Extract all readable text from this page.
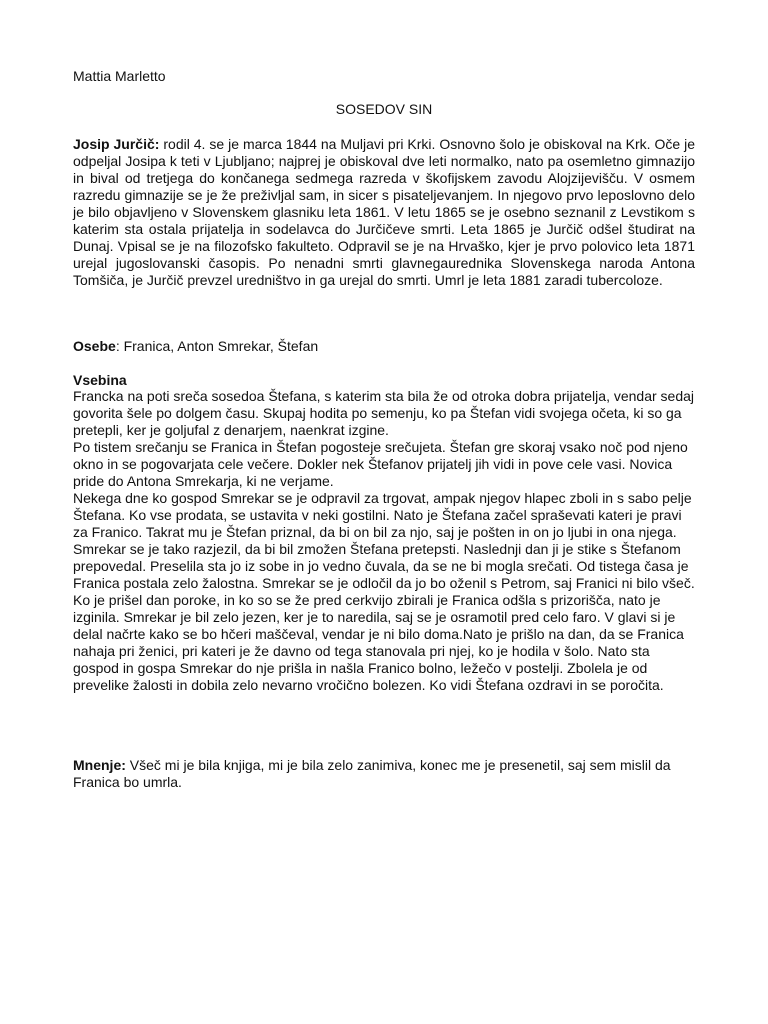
Mattia Marletto
SOSEDOV SIN
Josip Jurčič: rodil 4. se je marca 1844 na Muljavi pri Krki. Osnovno šolo je obiskoval na Krk. Oče je odpeljal Josipa k teti v Ljubljano; najprej je obiskoval dve leti normalko, nato pa osemletno gimnazijo in bival od tretjega do končanega sedmega razreda v škofijskem zavodu Alojzijevišču. V osmem razredu gimnazije se je že preživljal sam, in sicer s pisateljevanjem. In njegovo prvo leposlovno delo je bilo objavljeno v Slovenskem glasniku leta 1861. V letu 1865 se je osebno seznanil z Levstikom s katerim sta ostala prijatelja in sodelavca do Jurčičeve smrti. Leta 1865 je Jurčič odšel študirat na Dunaj. Vpisal se je na filozofsko fakulteto. Odpravil se je na Hrvaško, kjer je prvo polovico leta 1871 urejal jugoslovanski časopis. Po nenadni smrti glavnegaurednika Slovenskega naroda Antona Tomšiča, je Jurčič prevzel uredništvo in ga urejal do smrti. Umrl je leta 1881 zaradi tubercoloze.
Osebe: Franica, Anton Smrekar, Štefan
Vsebina

Francka na poti sreča sosedoa Štefana, s katerim sta bila že od otroka dobra prijatelja, vendar sedaj govorita šele po dolgem času. Skupaj hodita po semenju, ko pa Štefan vidi svojega očeta, ki so ga pretepli, ker je goljufal z denarjem, naenkrat izgine.

Po tistem srečanju se Franica in Štefan pogostejе srečujeta. Štefan gre skoraj vsako noč pod njeno okno in se pogovarjata cele večere. Dokler nek Štefanov prijatelj jih vidi in pove cele vasi. Novica pride do Antona Smrekarja, ki ne verjame.

Nekega dne ko gospod Smrekar se je odpravil za trgovat, ampak njegov hlapec zboli in s sabo pelje Štefana. Ko vse prodata, se ustavita v neki gostilni. Nato je Štefana začel spraševati kateri je pravi za Franico. Takrat mu je Štefan priznal, da bi on bil za njo, saj je pošten in on jo ljubi in ona njega. Smrekar se je tako razjezil, da bi bil zmožen Štefana pretepsti. Naslednji dan ji je stike s Štefanom prepovedal. Preselila sta jo iz sobe in jo vedno čuvala, da se ne bi mogla srečati. Od tistega časa je Franica postala zelo žalostna. Smrekar se je odločil da jo bo oženil s Petrom, saj Franici ni bilo všeč. Ko je prišel dan poroke, in ko so se že pred cerkvijo zbirali je Franica odšla s prizorišča, nato je izginila. Smrekar je bil zelo jezen, ker je to naredila, saj se je osramotil pred celo faro. V glavi si je delal načrte kako se bo hčeri maščeval, vendar je ni bilo doma.Nato je prišlo na dan, da se Franica nahaja pri ženici, pri kateri je že davno od tega stanovala pri njej, ko je hodila v šolo. Nato sta gospod in gospa Smrekar do nje prišla in našla Franico bolno, ležečo v postelji. Zbolela je od prevelike žalosti in dobila zelo nevarno vročično bolezen. Ko vidi Štefana ozdravi in se poročita.

Mnenje: Všeč mi je bila knjiga, mi je bila zelo zanimiva, konec me je presenetil, saj sem mislil da Franica bo umrla.
